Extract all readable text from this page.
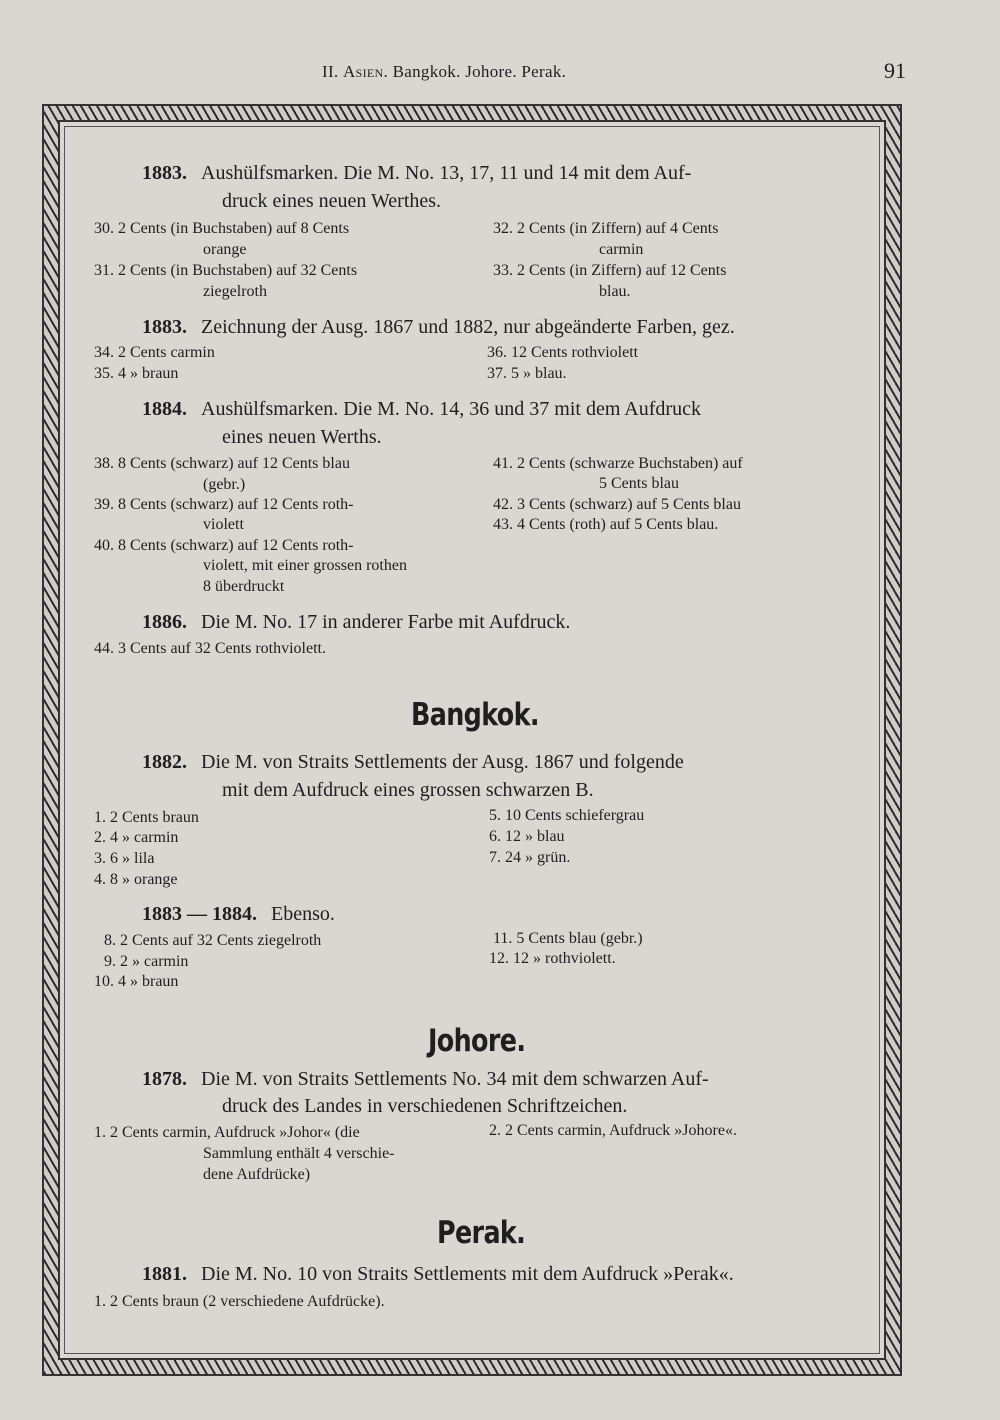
II. Asien. Bangkok. Johore. Perak.	91
1883. Aushülfsmarken. Die M. No. 13, 17, 11 und 14 mit dem Auf-
druck eines neuen Werthes.
30. 2 Cents (in Buchstaben) auf 8 Cents
orange
31. 2 Cents (in Buchstaben) auf 32 Cents
ziegelroth
32. 2 Cents (in Ziffern) auf 4 Cents
carmin
33. 2 Cents (in Ziffern) auf 12 Cents
blau.
1883. Zeichnung der Ausg. 1867 und 1882, nur abgeänderte Farben, gez.
34. 2 Cents carmin
35. 4 » braun
36. 12 Cents rothviolett
37. 5 » blau.
1884. Aushülfsmarken. Die M. No. 14, 36 und 37 mit dem Aufdruck
eines neuen Werths.
38. 8 Cents (schwarz) auf 12 Cents blau
(gebr.)
39. 8 Cents (schwarz) auf 12 Cents roth-
violett
40. 8 Cents (schwarz) auf 12 Cents roth-
violett, mit einer grossen rothen
8 überdruckt
41. 2 Cents (schwarze Buchstaben) auf
5 Cents blau
42. 3 Cents (schwarz) auf 5 Cents blau
43. 4 Cents (roth) auf 5 Cents blau.
1886. Die M. No. 17 in anderer Farbe mit Aufdruck.
44. 3 Cents auf 32 Cents rothviolett.
Bangkok.
1882. Die M. von Straits Settlements der Ausg. 1867 und folgende
mit dem Aufdruck eines grossen schwarzen B.
1. 2 Cents braun
2. 4 » carmin
3. 6 » lila
4. 8 » orange
5. 10 Cents schiefergrau
6. 12 » blau
7. 24 » grün.
1883 — 1884. Ebenso.
8. 2 Cents auf 32 Cents ziegelroth
9. 2 » carmin
10. 4 » braun
11. 5 Cents blau (gebr.)
12. 12 » rothviolett.
Johore.
1878. Die M. von Straits Settlements No. 34 mit dem schwarzen Auf-
druck des Landes in verschiedenen Schriftzeichen.
1. 2 Cents carmin, Aufdruck »Johor« (die
Sammlung enthält 4 verschie-
dene Aufdrücke)
2. 2 Cents carmin, Aufdruck »Johore«.
Perak.
1881. Die M. No. 10 von Straits Settlements mit dem Aufdruck »Perak«.
1. 2 Cents braun (2 verschiedene Aufdrücke).
